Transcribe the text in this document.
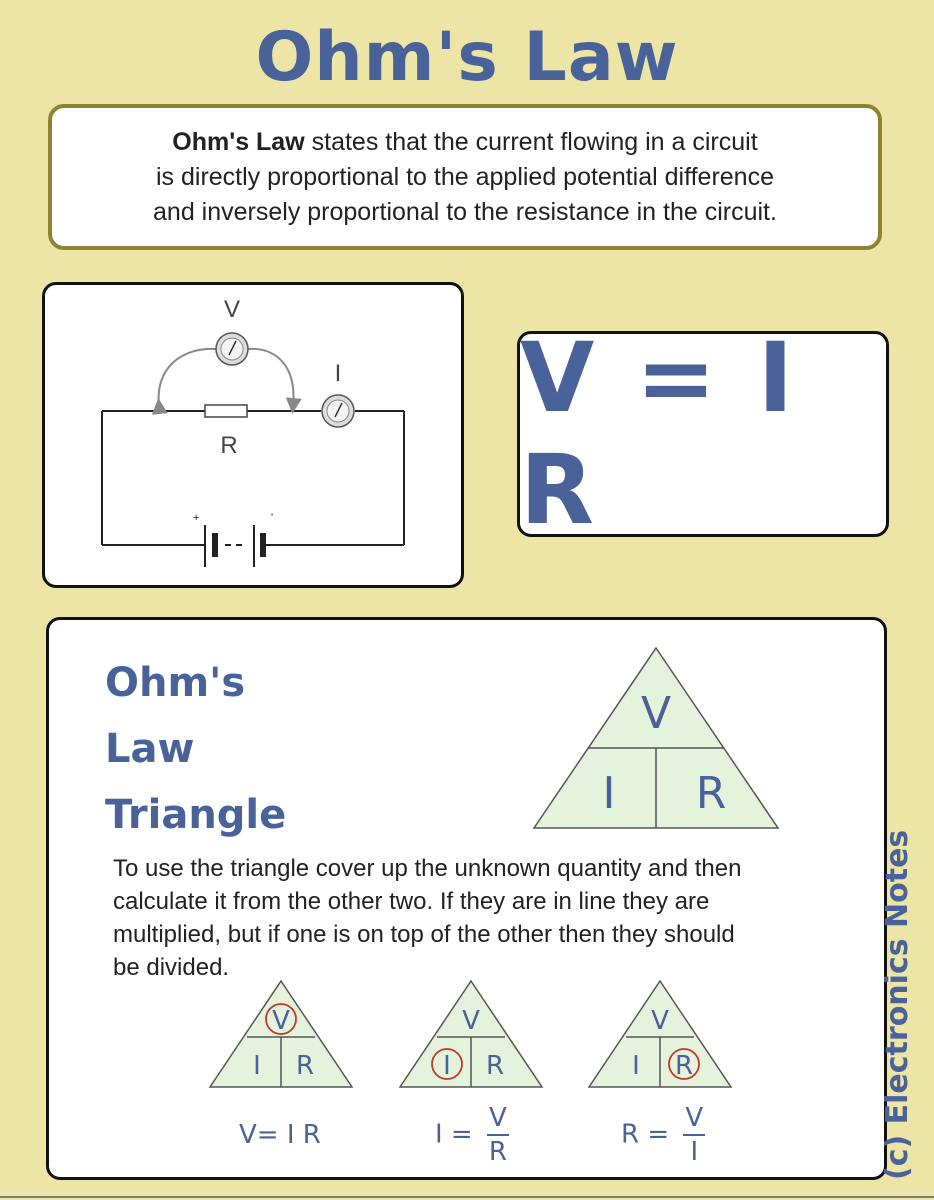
Ohm's Law
Ohm's Law states that the current flowing in a circuit
is directly proportional to the applied potential difference
and inversely proportional to the resistance in the circuit.
R
I
V
+	'
V = I R
Ohm's
Law
Triangle
V
I R
To use the triangle cover up the unknown quantity and then
calculate it from the other two. If they are in line they are
multiplied, but if one is on top of the other then they should
be divided.
V
I R
V
I R
V
I R
V= I R	$I = \frac{V}{R}$	$R = \frac{V}{I}$	(c) Electronics Notes
